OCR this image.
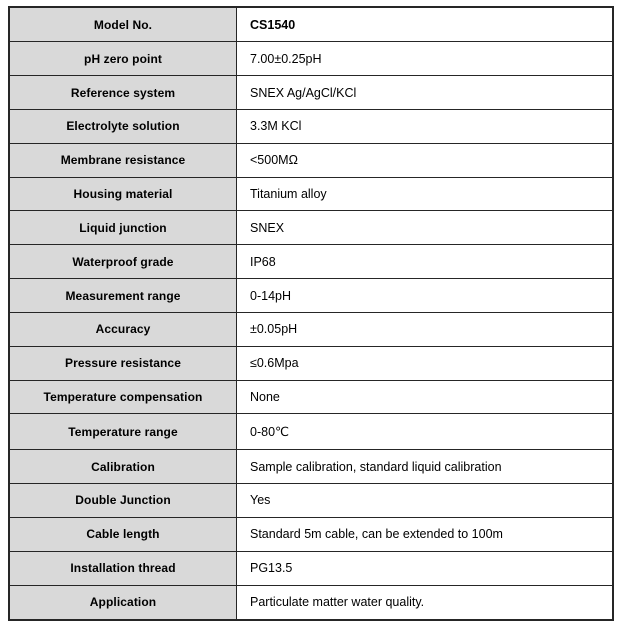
Model No.	CS1540
pH zero point	7.00±0.25pH
Reference system	SNEX Ag/AgCl/KCl
Electrolyte solution	3.3M KCl
Membrane resistance	<500MΩ
Housing material	Titanium alloy
Liquid junction	SNEX
Waterproof grade	IP68
Measurement range	0-14pH
Accuracy	±0.05pH
Pressure resistance	≤0.6Mpa
Temperature compensation	None
Temperature range	0-80℃
Calibration	Sample calibration, standard liquid calibration
Double Junction	Yes
Cable length	Standard 5m cable, can be extended to 100m
Installation thread	PG13.5
Application	Particulate matter water quality.
